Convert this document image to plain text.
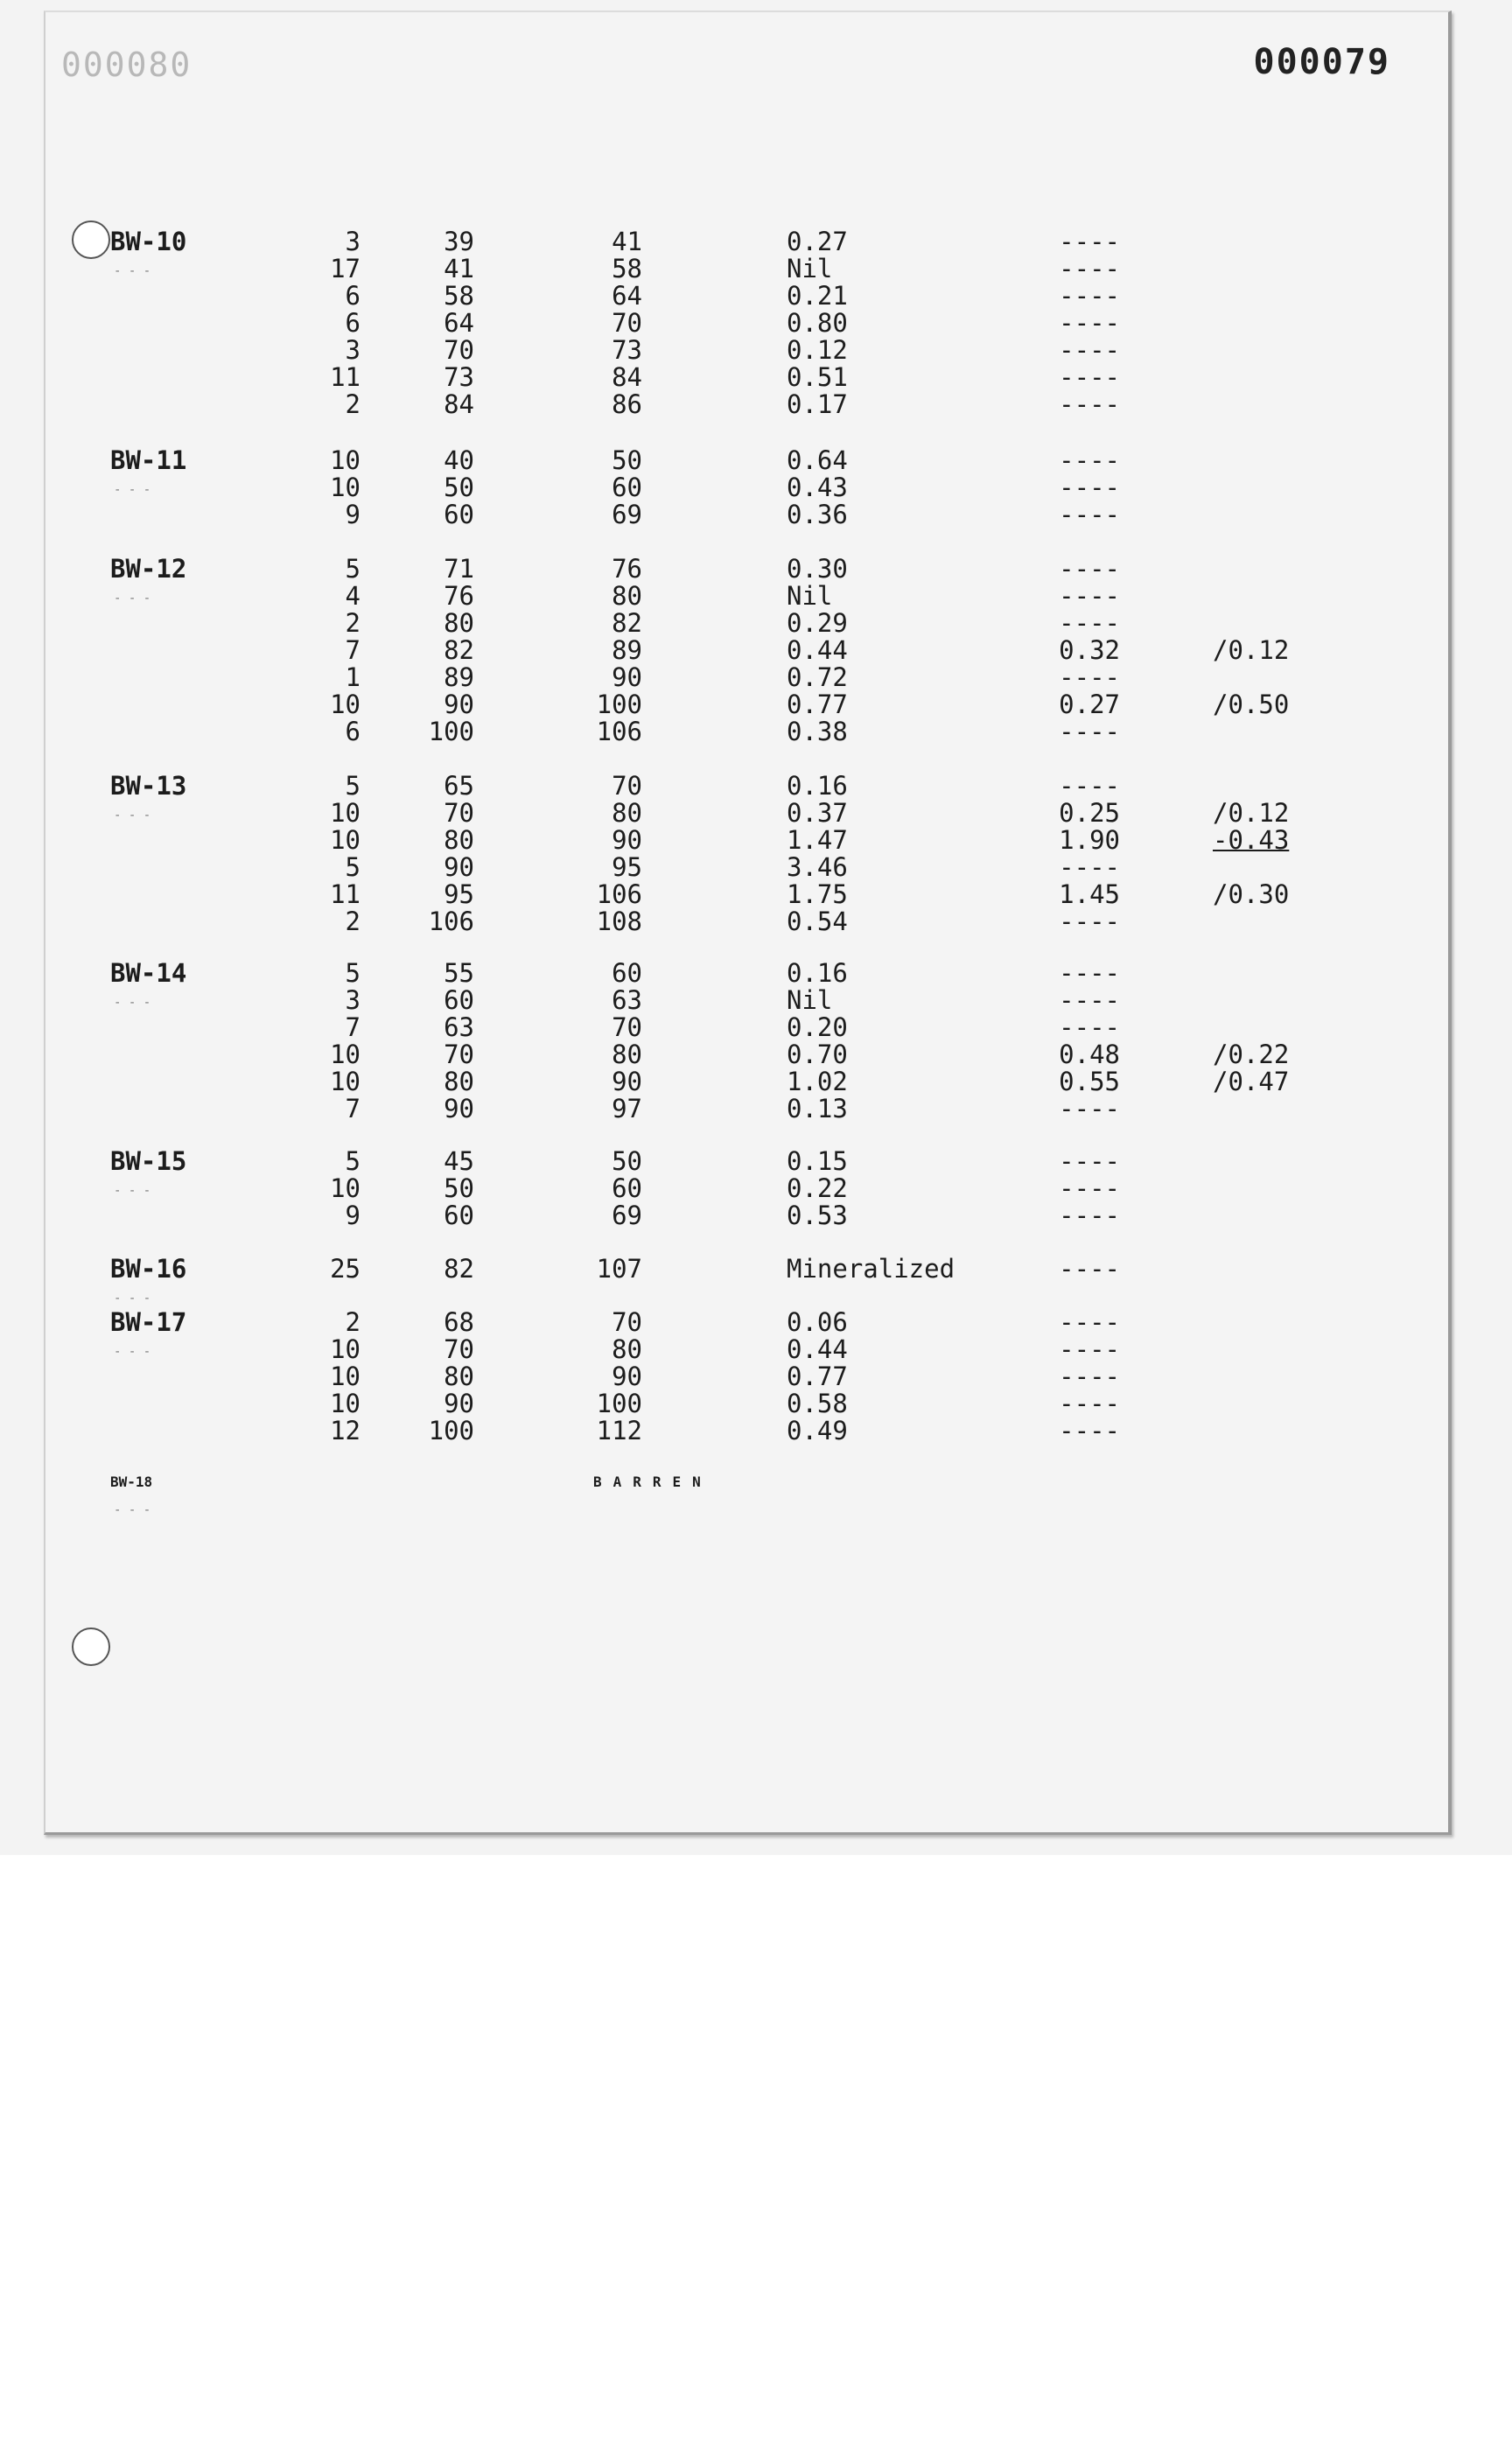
080000	000079
BW-10
- - -
3	39	41	0.27	----
17	41	58	Nil	----
6	58	64	0.21	----
6	64	70	0.80	----
3	70	73	0.12	----
11	73	84	0.51	----
2	84	86	0.17	----
BW-11
- - -
10	40	50	0.64	----
10	50	60	0.43	----
9	60	69	0.36	----
BW-12
- - -
5	71	76	0.30	----
4	76	80	Nil	----
2	80	82	0.29	----
7	82	89	0.44	0.32	/0.12
1	89	90	0.72	----
10	90	100	0.77	0.27	/0.50
6	100	106	0.38	----
BW-13
- - -
5	65	70	0.16	----
10	70	80	0.37	0.25	/0.12
10	80	90	1.47	1.90	-0.43
5	90	95	3.46	----
11	95	106	1.75	1.45	/0.30
2	106	108	0.54	----
BW-14
- - -
5	55	60	0.16	----
3	60	63	Nil	----
7	63	70	0.20	----
10	70	80	0.70	0.48	/0.22
10	80	90	1.02	0.55	/0.47
7	90	97	0.13	----
BW-15
- - -
5	45	50	0.15	----
10	50	60	0.22	----
9	60	69	0.53	----
BW-16
- - -
25	82	107	Mineralized	----
BW-17
- - -
2	68	70	0.06	----
10	70	80	0.44	----
10	80	90	0.77	----
10	90	100	0.58	----
12	100	112	0.49	----
BW-18
- - -
BARREN
